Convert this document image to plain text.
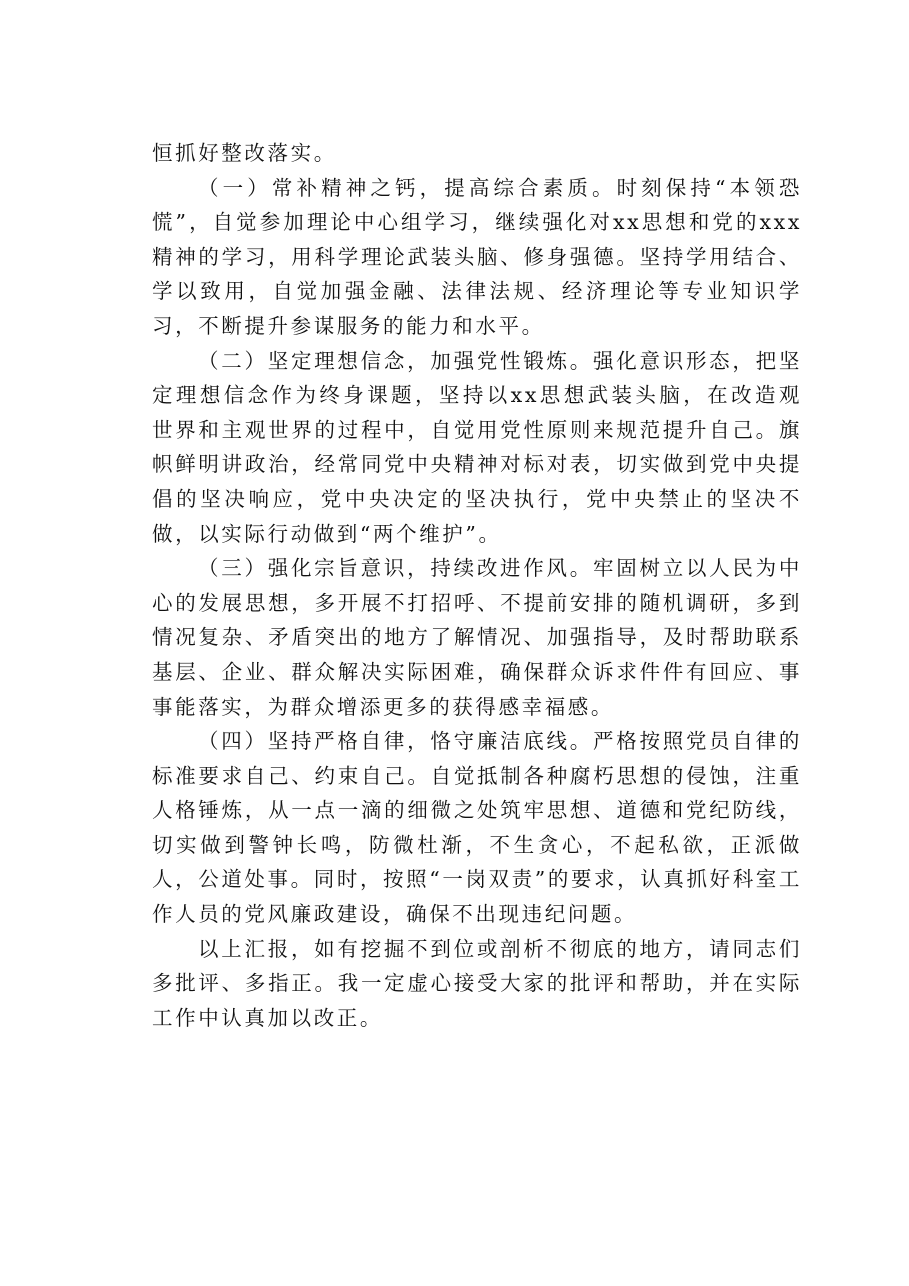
恒抓好整改落实。

（一）常补精神之钙，提高综合素质。时刻保持“本领恐慌”，自觉参加理论中心组学习，继续强化对xx思想和党的xxx精神的学习，用科学理论武装头脑、修身强德。坚持学用结合、学以致用，自觉加强金融、法律法规、经济理论等专业知识学习，不断提升参谋服务的能力和水平。

（二）坚定理想信念，加强党性锻炼。强化意识形态，把坚定理想信念作为终身课题，坚持以xx思想武装头脑，在改造观世界和主观世界的过程中，自觉用党性原则来规范提升自己。旗帜鲜明讲政治，经常同党中央精神对标对表，切实做到党中央提倡的坚决响应，党中央决定的坚决执行，党中央禁止的坚决不做，以实际行动做到“两个维护”。

（三）强化宗旨意识，持续改进作风。牢固树立以人民为中心的发展思想，多开展不打招呼、不提前安排的随机调研，多到情况复杂、矛盾突出的地方了解情况、加强指导，及时帮助联系基层、企业、群众解决实际困难，确保群众诉求件件有回应、事事能落实，为群众增添更多的获得感幸福感。

（四）坚持严格自律，恪守廉洁底线。严格按照党员自律的标准要求自己、约束自己。自觉抵制各种腐朽思想的侵蚀，注重人格锤炼，从一点一滴的细微之处筑牢思想、道德和党纪防线，切实做到警钟长鸣，防微杜渐，不生贪心，不起私欲，正派做人，公道处事。同时，按照“一岗双责”的要求，认真抓好科室工作人员的党风廉政建设，确保不出现违纪问题。

以上汇报，如有挖掘不到位或剖析不彻底的地方，请同志们多批评、多指正。我一定虚心接受大家的批评和帮助，并在实际工作中认真加以改正。
